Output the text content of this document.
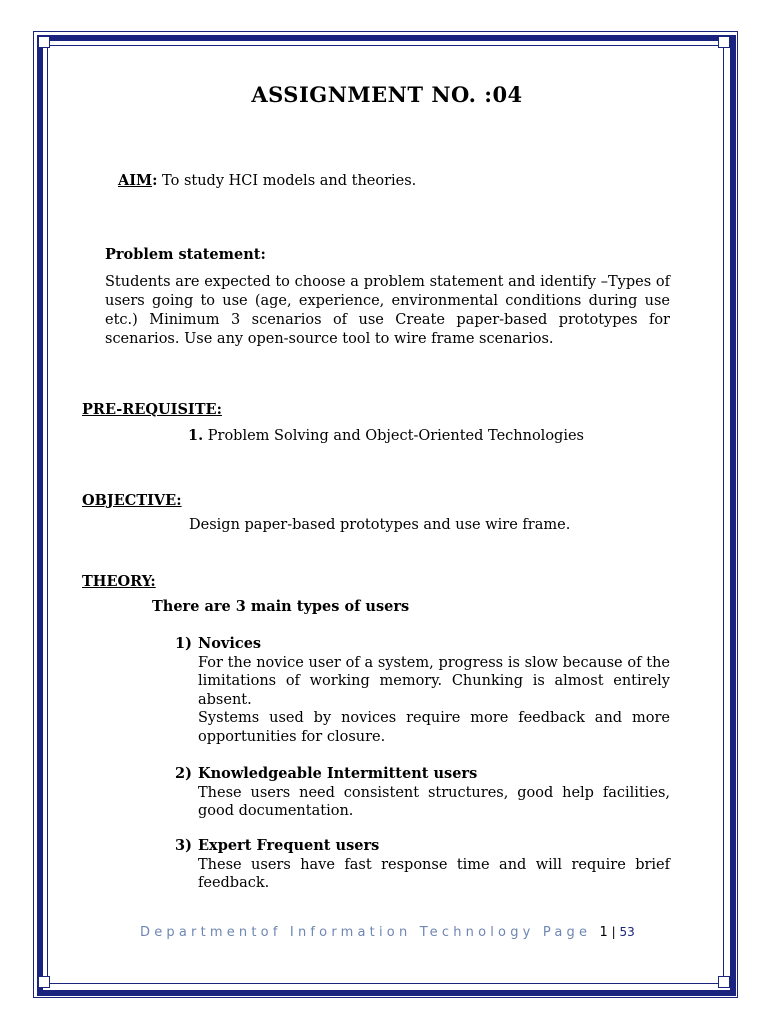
ASSIGNMENT NO. :04
AIM: To study HCI models and theories.
Problem statement:

Students are expected to choose a problem statement and identify –Types of users going to use (age, experience, environmental conditions during use etc.) Minimum 3 scenarios of use Create paper-based prototypes for scenarios. Use any open-source tool to wire frame scenarios.

PRE-REQUISITE:
1. Problem Solving and Object-Oriented Technologies
OBJECTIVE:
Design paper-based prototypes and use wire frame.
THEORY:
There are 3 main types of users
1) Novices
For the novice user of a system, progress is slow because of the limitations of working memory. Chunking is almost entirely absent.
Systems used by novices require more feedback and more opportunities for closure.
2) Knowledgeable Intermittent users
These users need consistent structures, good help facilities, good documentation.
3) Expert Frequent users
These users have fast response time and will require brief feedback.
Departmentof Information Technology Page 1 | 53
